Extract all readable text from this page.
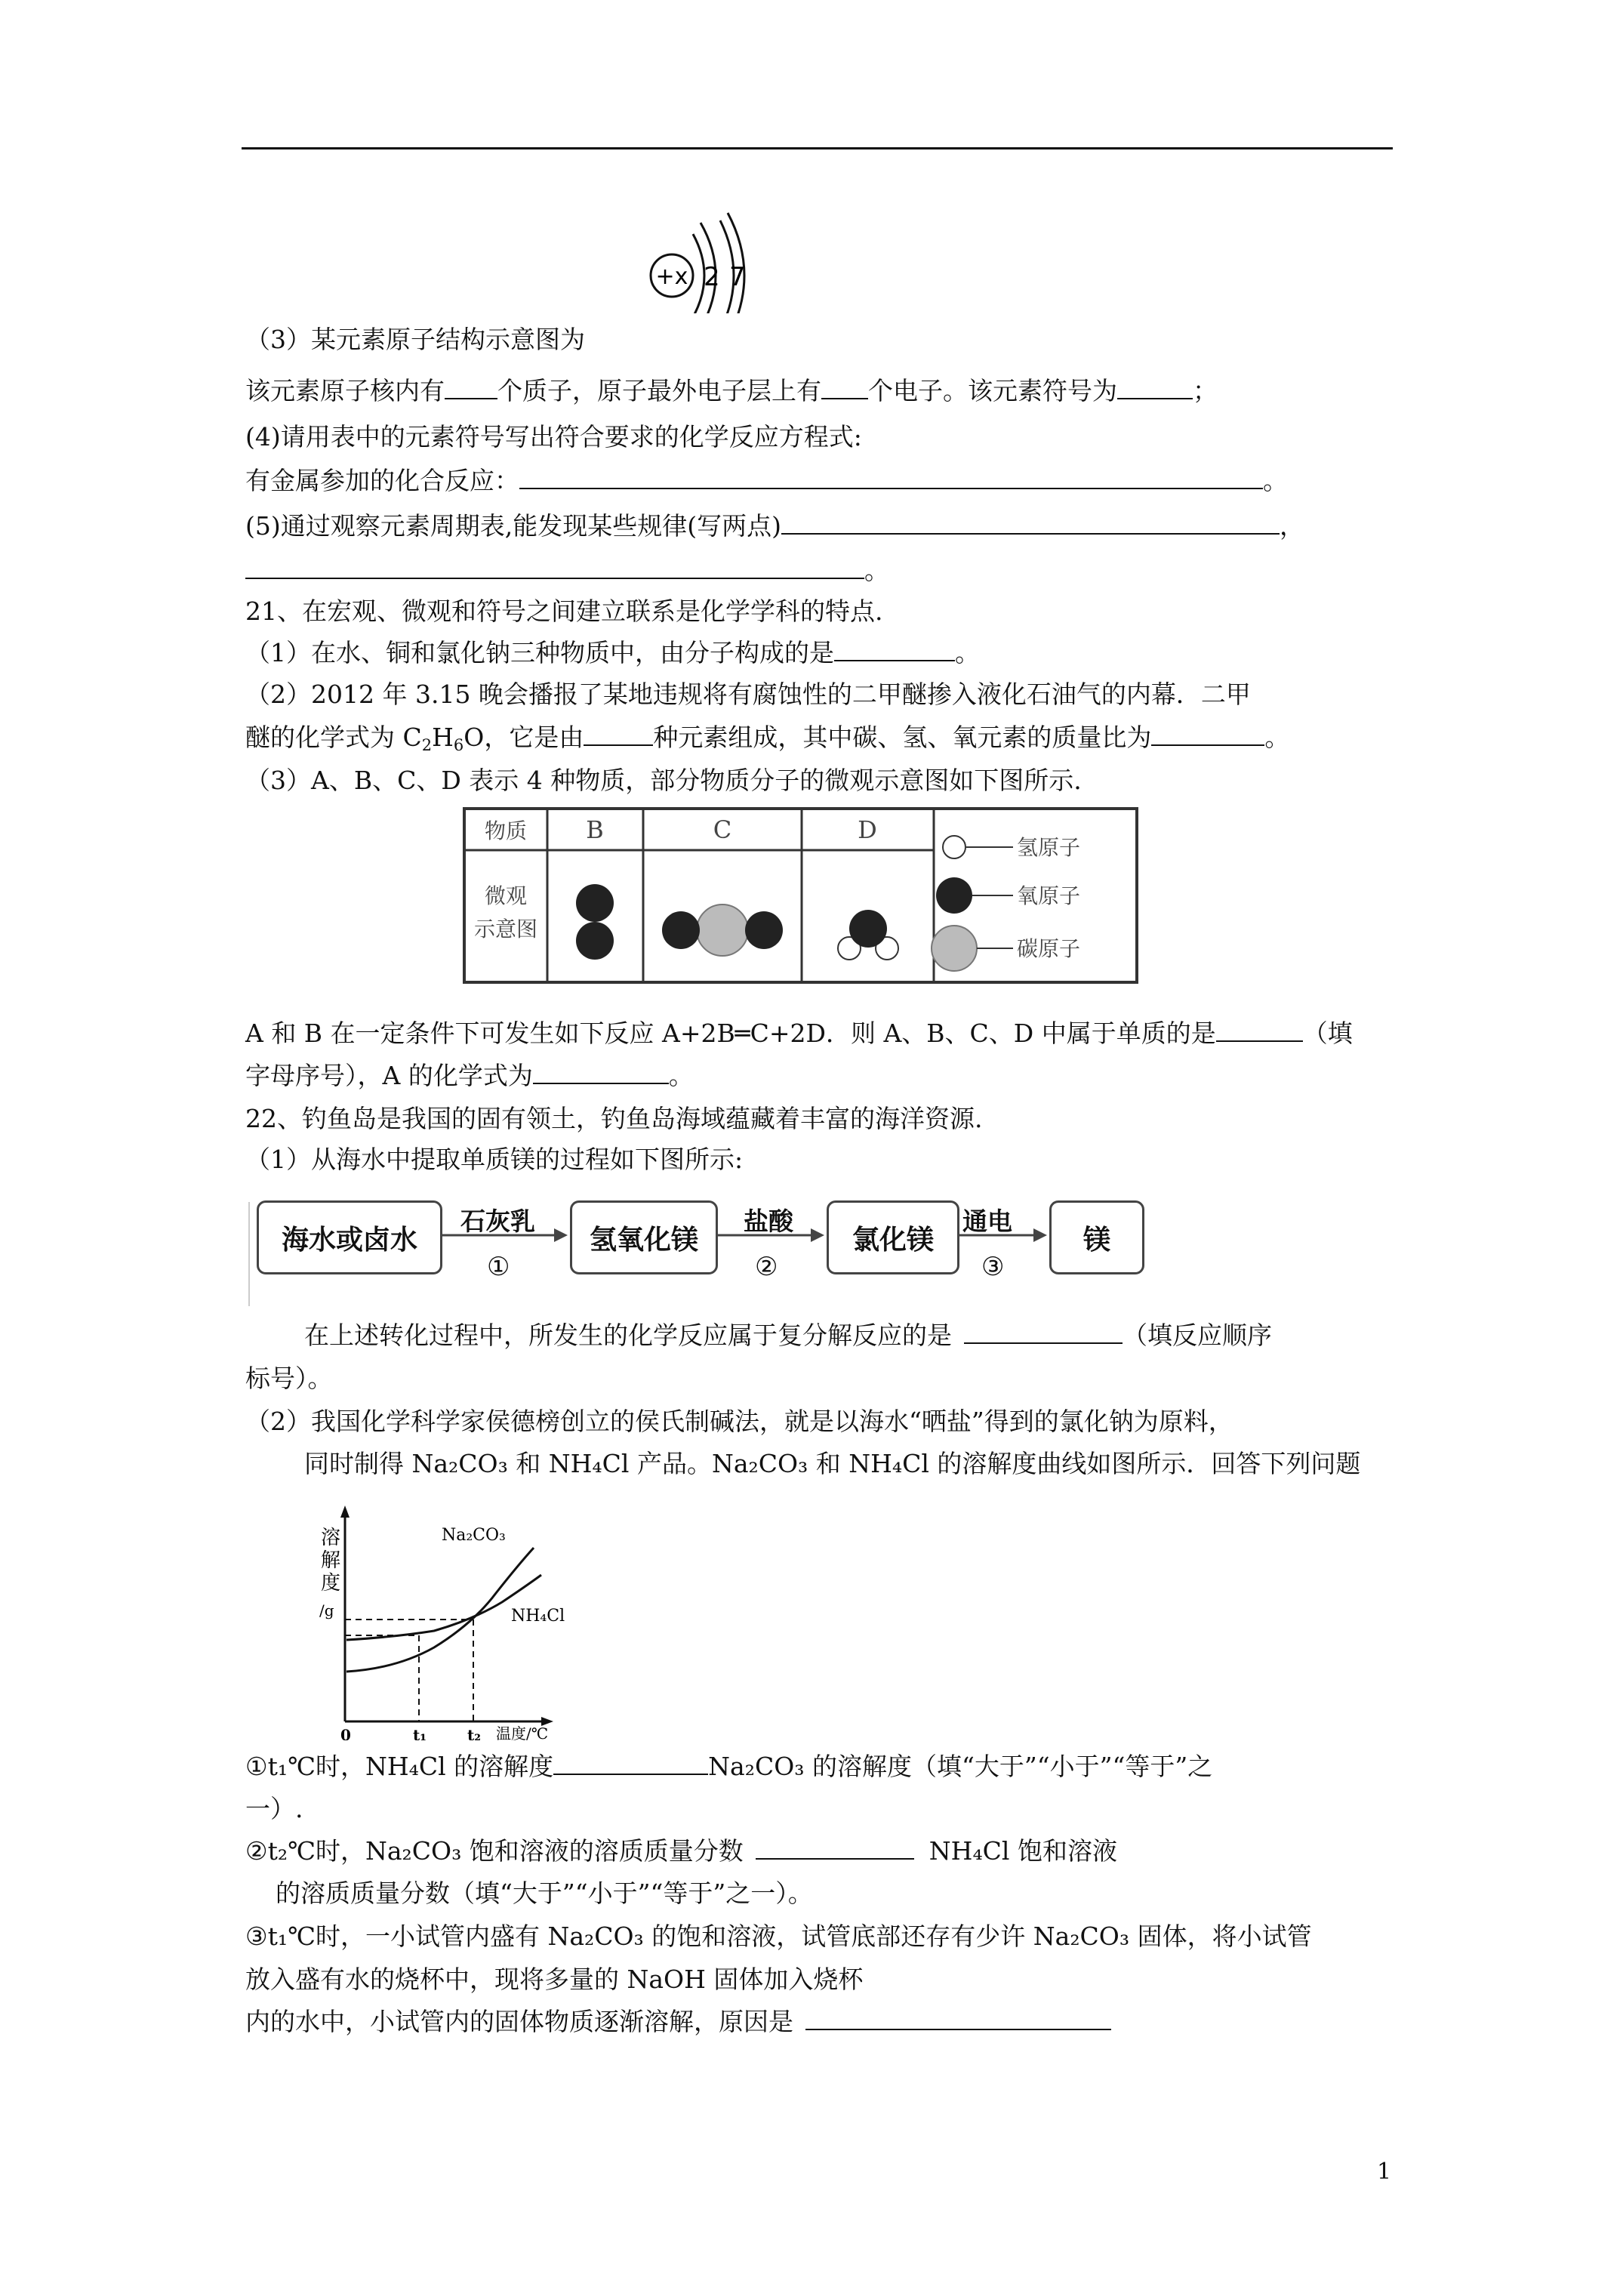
+x 2 7
（3）某元素原子结构示意图为
该元素原子核内有 个质子，原子最外电子层上有 个电子。该元素符号为	；
(4)请用表中的元素符号写出符合要求的化学反应方程式:
有金属参加的化合反应：	。
(5)通过观察元素周期表,能发现某些规律(写两点)	，
。
21、在宏观、微观和符号之间建立联系是化学学科的特点.
（1）在水、铜和氯化钠三种物质中，由分子构成的是	。
（2）2012 年 3.15 晚会播报了某地违规将有腐蚀性的二甲醚掺入液化石油气的内幕．二甲
醚的化学式为 $C_2H_6O$，它是由	种元素组成，其中碳、氢、氧元素的质量比为	。
（3）A、B、C、D 表示 4 种物质，部分物质分子的微观示意图如下图所示.
物质 B	C	D
微观
示意图
氢原子
氧原子
碳原子
A 和 B 在一定条件下可发生如下反应 A+2B═C+2D．则 A、B、C、D 中属于单质的是	（填
字母序号），A 的化学式为	。
22、钓鱼岛是我国的固有领土，钓鱼岛海域蕴藏着丰富的海洋资源.
（1）从海水中提取单质镁的过程如下图所示:
海水或卤水	氢氧化镁	氯化镁	镁
石灰乳	盐酸	通电
①	②	③
在上述转化过程中，所发生的化学反应属于复分解反应的是	（填反应顺序
标号）。
（2）我国化学科学家侯德榜创立的侯氏制碱法，就是以海水“晒盐”得到的氯化钠为原料，
同时制得 Na₂CO₃ 和 NH₄Cl 产品。Na₂CO₃ 和 NH₄Cl 的溶解度曲线如图所示．回答下列问题
溶
解
度
/g
Na₂CO₃
NH₄Cl
0	t₁	t₂ 温度/℃
①t₁℃时，NH₄Cl 的溶解度	Na₂CO₃ 的溶解度（填“大于”“小于”“等于”之
一）.
②t₂℃时，Na₂CO₃ 饱和溶液的溶质质量分数	NH₄Cl 饱和溶液
的溶质质量分数（填“大于”“小于”“等于”之一）。
③t₁℃时，一小试管内盛有 Na₂CO₃ 的饱和溶液，试管底部还存有少许 Na₂CO₃ 固体，将小试管
放入盛有水的烧杯中，现将多量的 NaOH 固体加入烧杯
内的水中，小试管内的固体物质逐渐溶解，原因是
1
